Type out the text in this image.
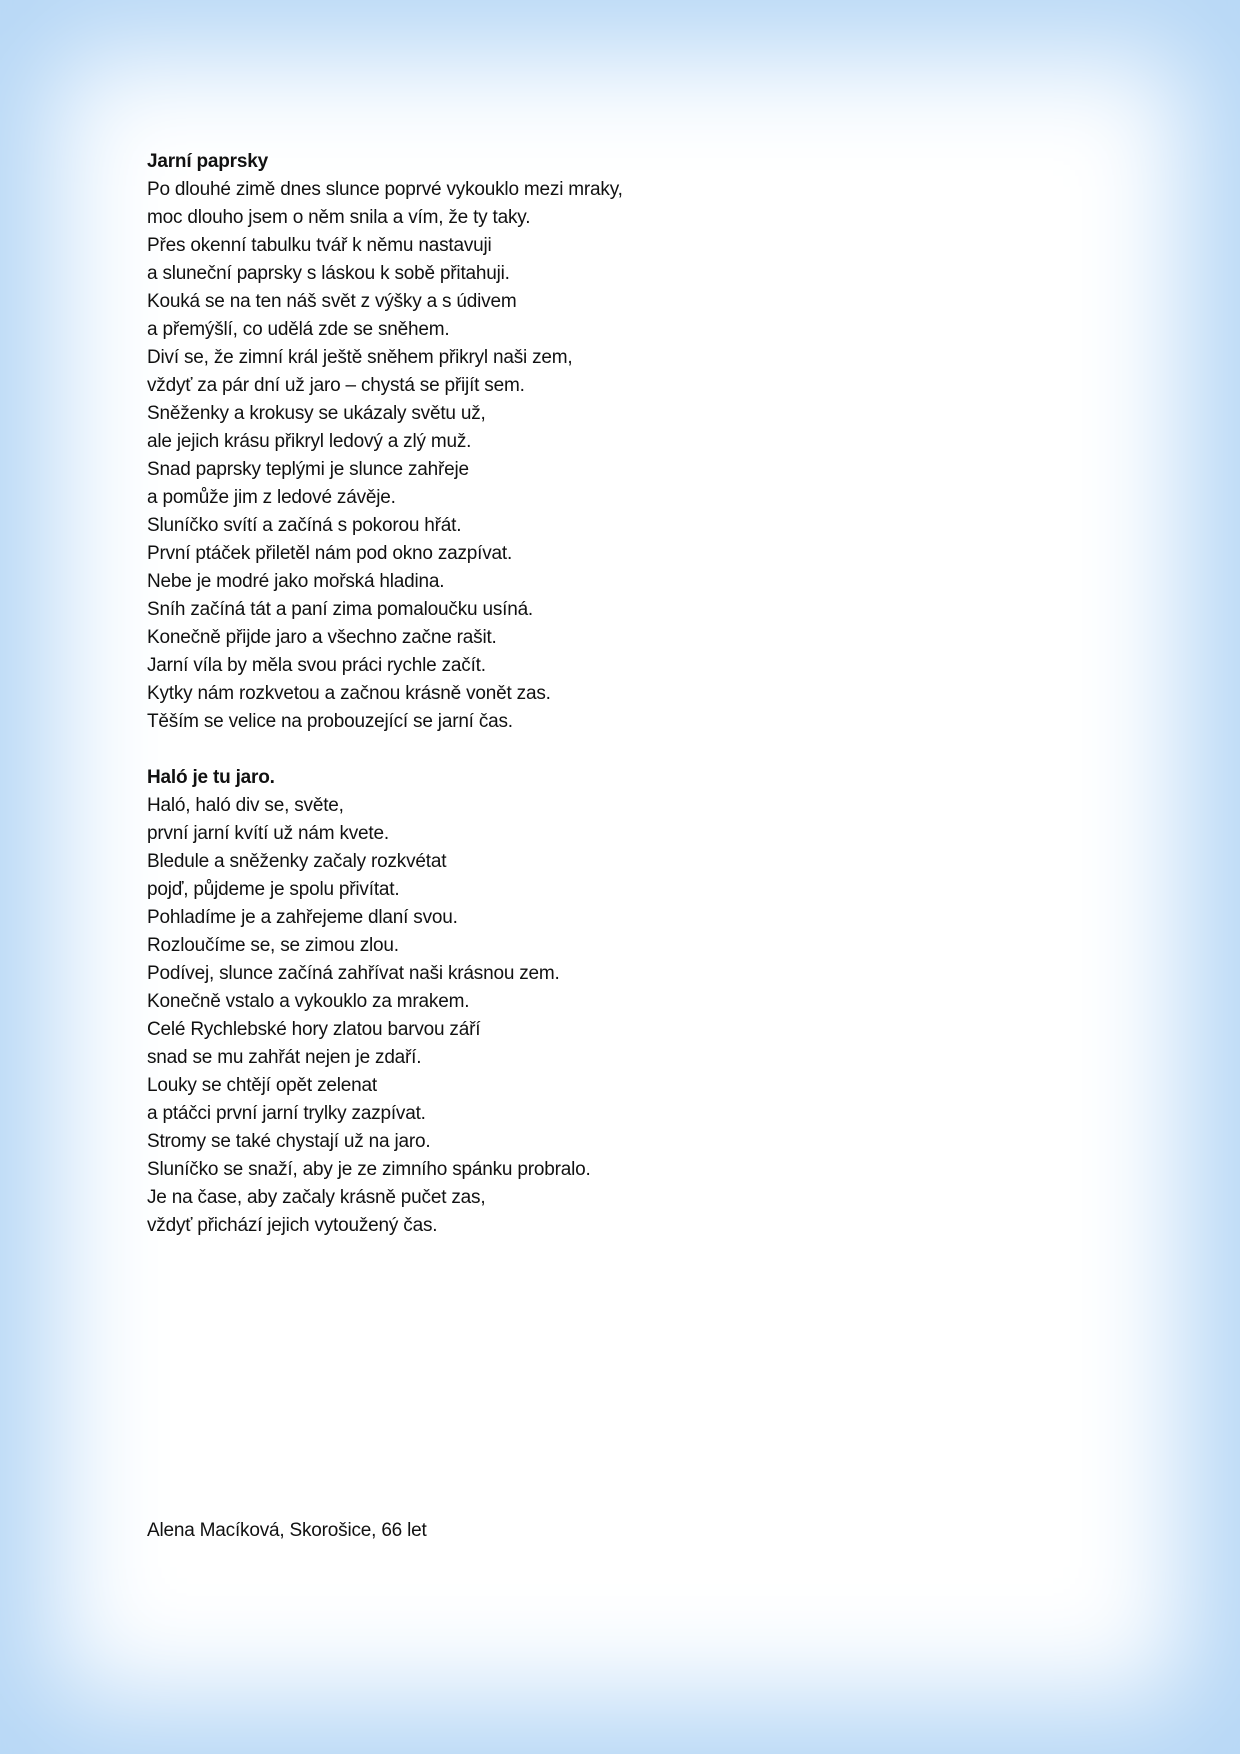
Jarní paprsky
Po dlouhé zimě dnes slunce poprvé vykouklo mezi mraky,
moc dlouho jsem o něm snila a vím, že ty taky.
Přes okenní tabulku tvář k němu nastavuji
a sluneční paprsky s láskou k sobě přitahuji.
Kouká se na ten náš svět z výšky a s údivem
a přemýšlí, co udělá zde se sněhem.
Diví se, že zimní král ještě sněhem přikryl naši zem,
vždyť za pár dní už jaro – chystá se přijít sem.
Sněženky a krokusy se ukázaly světu už,
ale jejich krásu přikryl ledový a zlý muž.
Snad paprsky teplými je slunce zahřeje
a pomůže jim z ledové závěje.
Sluníčko svítí a začíná s pokorou hřát.
První ptáček přiletěl nám pod okno zazpívat.
Nebe je modré jako mořská hladina.
Sníh začíná tát a paní zima pomaloučku usíná.
Konečně přijde jaro a všechno začne rašit.
Jarní víla by měla svou práci rychle začít.
Kytky nám rozkvetou a začnou krásně vonět zas.
Těším se velice na probouzející se jarní čas.
Haló je tu jaro.
Haló, haló div se, světe,
první jarní kvítí už nám kvete.
Bledule a sněženky začaly rozkvétat
pojď, půjdeme je spolu přivítat.
Pohladíme je a zahřejeme dlaní svou.
Rozloučíme se, se zimou zlou.
Podívej, slunce začíná zahřívat naši krásnou zem.
Konečně vstalo a vykouklo za mrakem.
Celé Rychlebské hory zlatou barvou září
snad se mu zahřát nejen je zdaří.
Louky se chtějí opět zelenat
a ptáčci první jarní trylky zazpívat.
Stromy se také chystají už na jaro.
Sluníčko se snaží, aby je ze zimního spánku probralo.
Je na čase, aby začaly krásně pučet zas,
vždyť přichází jejich vytoužený čas.
Alena Macíková, Skorošice, 66 let
